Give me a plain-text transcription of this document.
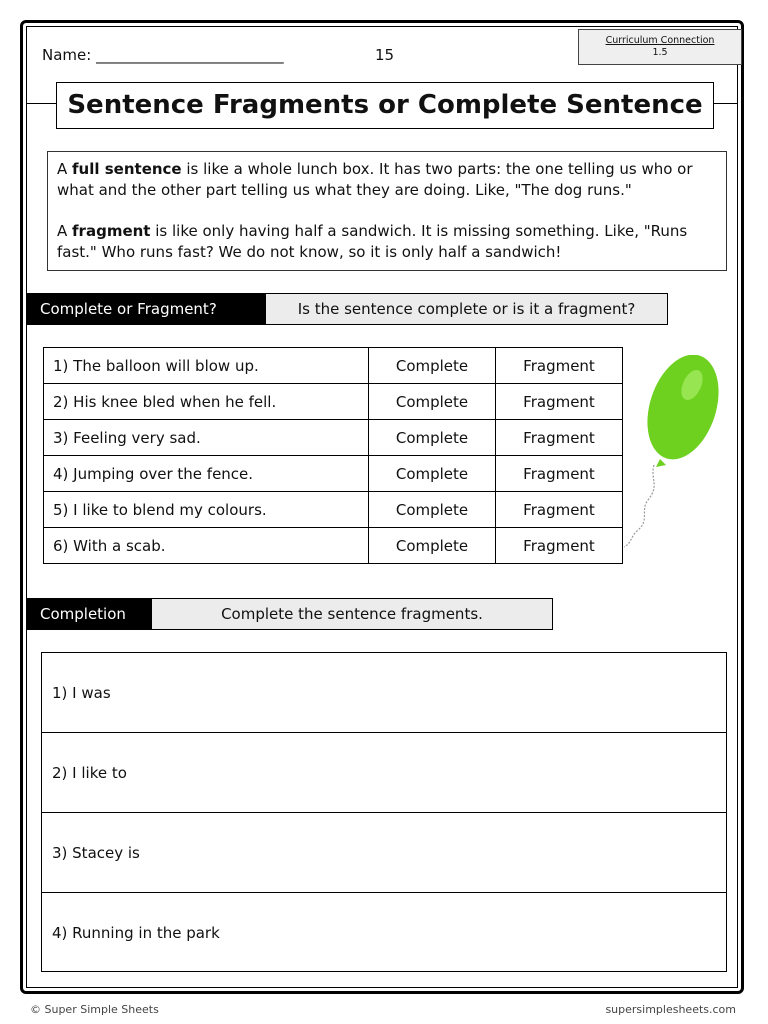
Name: _________________________	15
Curriculum Connection
1.5
Sentence Fragments or Complete Sentence

A full sentence is like a whole lunch box. It has two parts: the one telling us who or what and the other part telling us what they are doing. Like, "The dog runs."

A fragment is like only having half a sandwich. It is missing something. Like, "Runs fast." Who runs fast? We do not know, so it is only half a sandwich!

Complete or Fragment?	Is the sentence complete or is it a fragment?
1) The balloon will blow up.	Complete	Fragment
2) His knee bled when he fell.	Complete	Fragment
3) Feeling very sad.	Complete	Fragment
4) Jumping over the fence.	Complete	Fragment
5) I like to blend my colours.	Complete	Fragment
6) With a scab.	Complete	Fragment
Completion	Complete the sentence fragments.
1) I was
2) I like to
3) Stacey is
4) Running in the park
© Super Simple Sheets	supersimplesheets.com
